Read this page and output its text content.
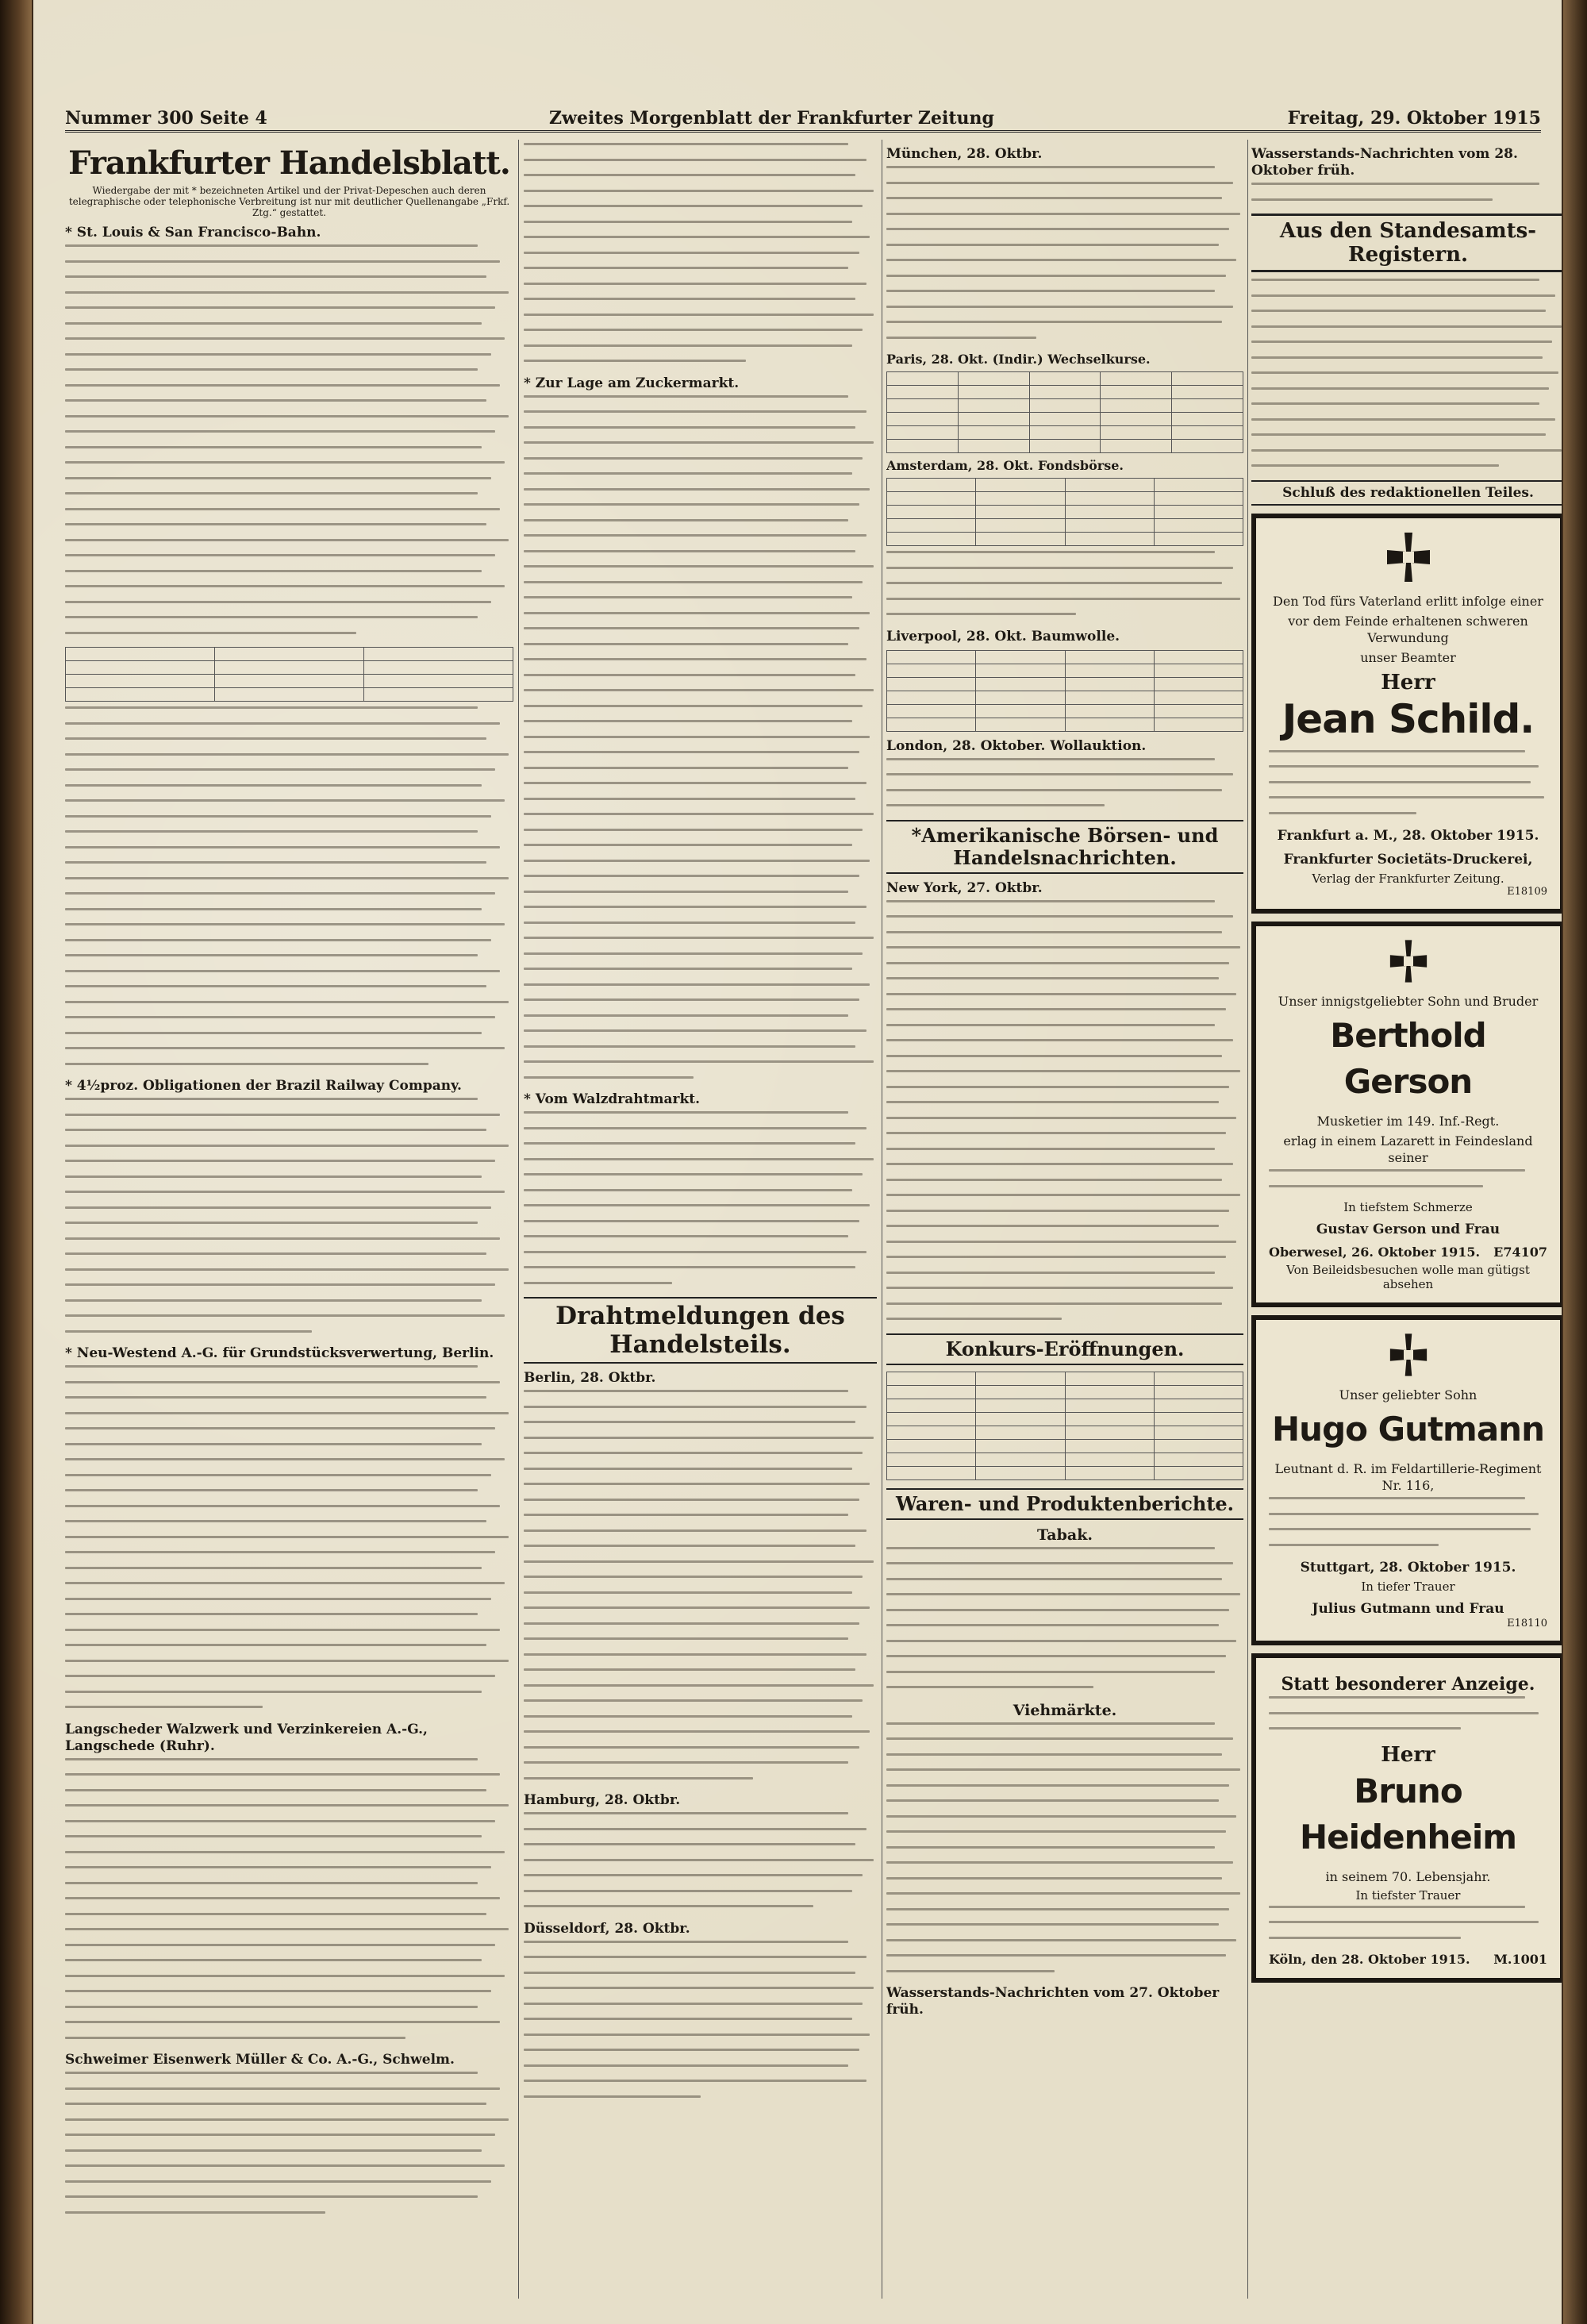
Nummer 300 Seite 4	Zweites Morgenblatt der Frankfurter Zeitung	Freitag, 29. Oktober 1915
Frankfurter Handelsblatt.
Wiedergabe der mit * bezeichneten Artikel und der Privat-Depeschen auch deren telegraphische oder telephonische Verbreitung ist nur mit deutlicher Quellenangabe „Frkf. Ztg.“ gestattet.
* St. Louis & San Francisco-Bahn.

* 4½proz. Obligationen der Brazil Railway Company.
* Neu-Westend A.-G. für Grundstücksverwertung, Berlin.
Langscheder Walzwerk und Verzinkereien A.-G., Langschede (Ruhr).
Schweimer Eisenwerk Müller & Co. A.-G., Schwelm.
* Zur Lage am Zuckermarkt.
* Vom Walzdrahtmarkt.
Drahtmeldungen des Handelsteils.
Berlin, 28. Oktbr.
Hamburg, 28. Oktbr.
Düsseldorf, 28. Oktbr.
München, 28. Oktbr.
Paris, 28. Okt. (Indir.) Wechselkurse.

Amsterdam, 28. Okt. Fondsbörse.

Liverpool, 28. Okt. Baumwolle.

London, 28. Oktober. Wollauktion.
*Amerikanische Börsen- und Handelsnachrichten.
New York, 27. Oktbr.
Konkurs-Eröffnungen.

Waren- und Produktenberichte.
Tabak.
Viehmärkte.
Wasserstands-Nachrichten vom 27. Oktober früh.
Wasserstands-Nachrichten vom 28. Oktober früh.
Aus den Standesamts-Registern.
Schluß des redaktionellen Teiles.
Den Tod fürs Vaterland erlitt infolge einer
vor dem Feinde erhaltenen schweren Verwundung
unser Beamter
Herr
Jean Schild.
Frankfurt a. M., 28. Oktober 1915.
Frankfurter Societäts-Druckerei,
Verlag der Frankfurter Zeitung.
E18109
Unser innigstgeliebter Sohn und Bruder
Berthold Gerson
Musketier im 149. Inf.-Regt.
erlag in einem Lazarett in Feindesland seiner
In tiefstem Schmerze
Gustav Gerson und Frau
Oberwesel, 26. Oktober 1915. E74107
Von Beileidsbesuchen wolle man gütigst absehen
Unser geliebter Sohn
Hugo Gutmann
Leutnant d. R. im Feldartillerie-Regiment Nr. 116,
Stuttgart, 28. Oktober 1915.
In tiefer Trauer
Julius Gutmann und Frau
E18110
Statt besonderer Anzeige.
Herr
Bruno Heidenheim
in seinem 70. Lebensjahr.
In tiefster Trauer
Köln, den 28. Oktober 1915. M.1001
